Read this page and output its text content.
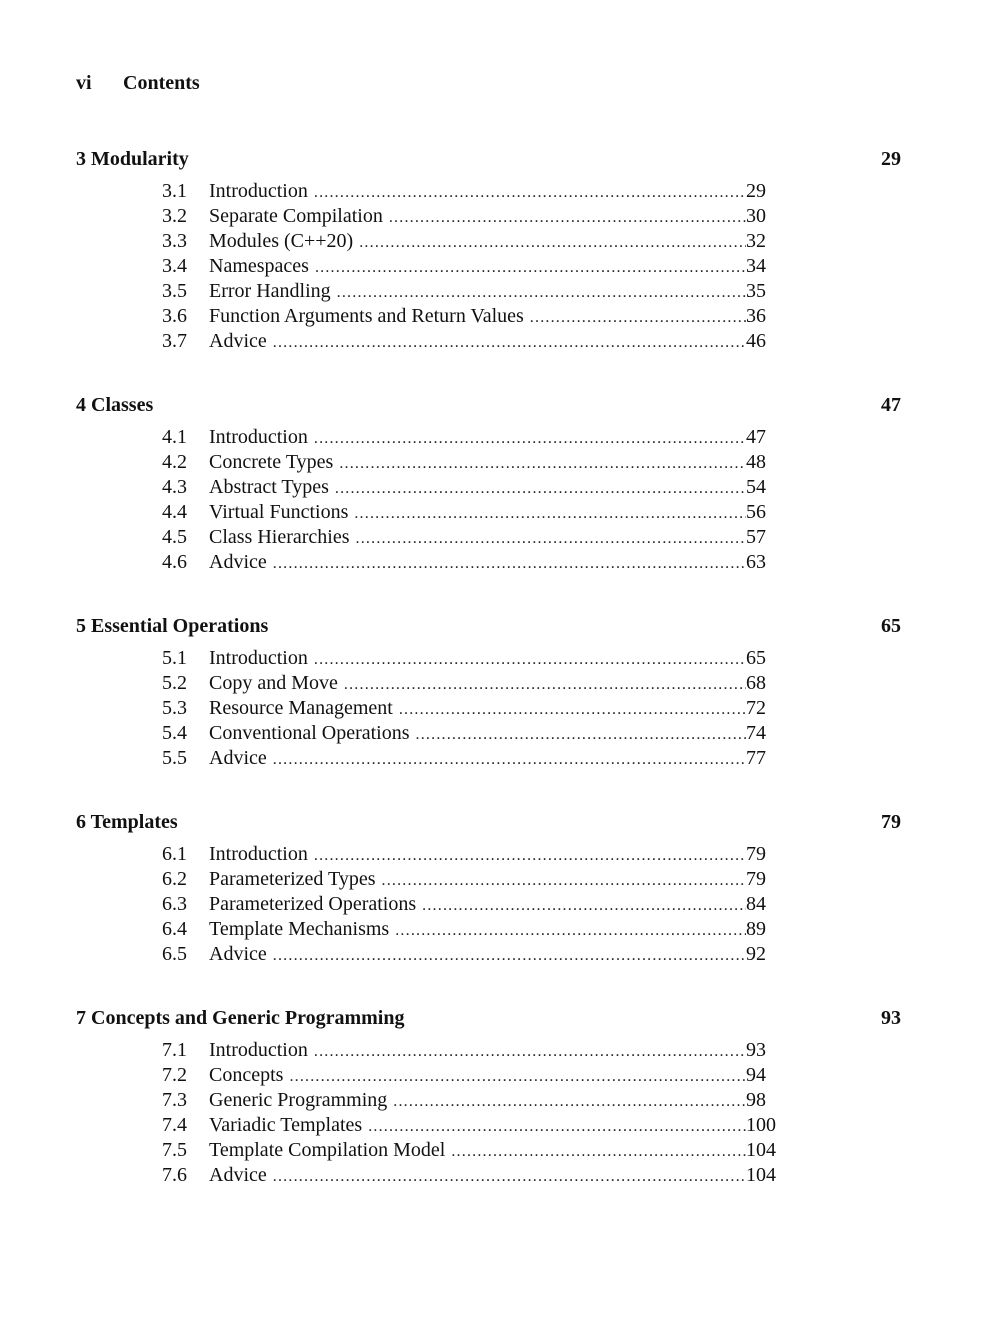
vi Contents
3 Modularity	29
3.1 Introduction .....	29
3.2 Separate Compilation .....	30
3.3 Modules (C++20) .....	32
3.4 Namespaces .....	34
3.5 Error Handling .....	35
3.6 Function Arguments and Return Values .....	36
3.7 Advice .....	46
4 Classes	47
4.1 Introduction .....	47
4.2 Concrete Types .....	48
4.3 Abstract Types .....	54
4.4 Virtual Functions .....	56
4.5 Class Hierarchies .....	57
4.6 Advice .....	63
5 Essential Operations	65
5.1 Introduction .....	65
5.2 Copy and Move .....	68
5.3 Resource Management .....	72
5.4 Conventional Operations .....	74
5.5 Advice .....	77
6 Templates	79
6.1 Introduction .....	79
6.2 Parameterized Types .....	79
6.3 Parameterized Operations .....	84
6.4 Template Mechanisms .....	89
6.5 Advice .....	92
7 Concepts and Generic Programming	93
7.1 Introduction .....	93
7.2 Concepts .....	94
7.3 Generic Programming .....	98
7.4 Variadic Templates .....	100
7.5 Template Compilation Model .....	104
7.6 Advice .....	104
